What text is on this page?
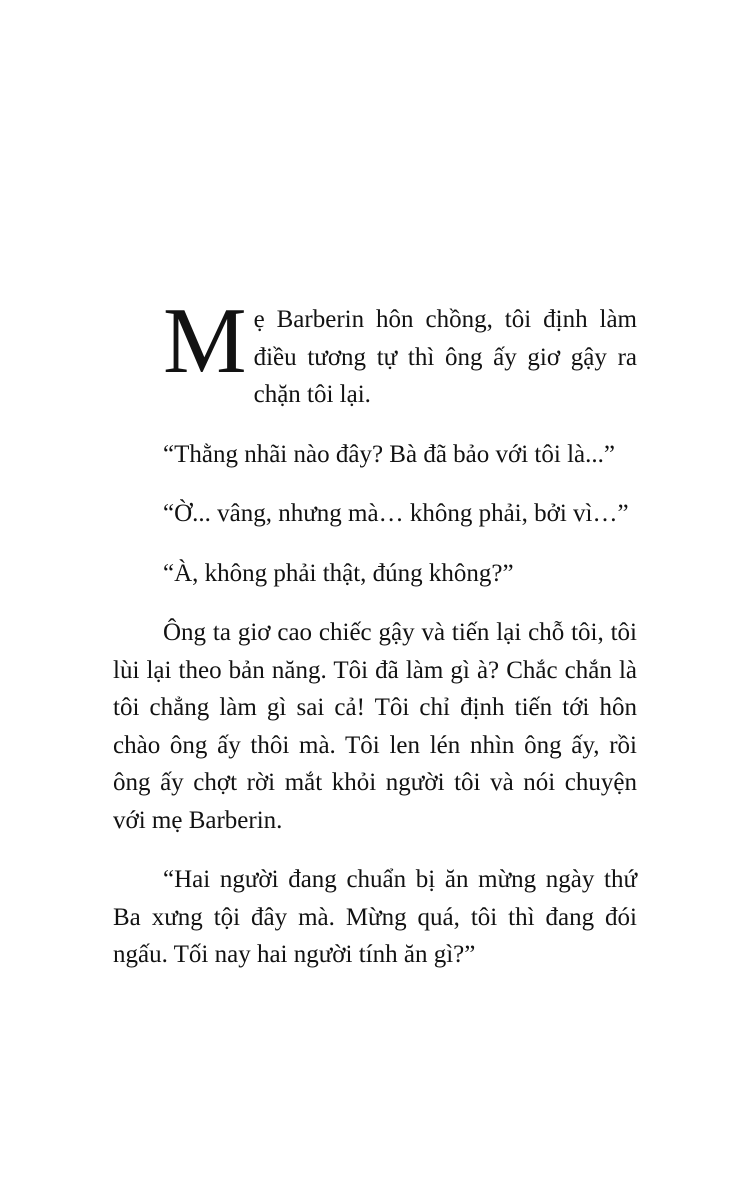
Mẹ Barberin hôn chồng, tôi định làm điều tương tự thì ông ấy giơ gậy ra chặn tôi lại.

“Thằng nhãi nào đây? Bà đã bảo với tôi là...”

“Ờ... vâng, nhưng mà… không phải, bởi vì…”

“À, không phải thật, đúng không?”

Ông ta giơ cao chiếc gậy và tiến lại chỗ tôi, tôi lùi lại theo bản năng. Tôi đã làm gì à? Chắc chắn là tôi chẳng làm gì sai cả! Tôi chỉ định tiến tới hôn chào ông ấy thôi mà. Tôi len lén nhìn ông ấy, rồi ông ấy chợt rời mắt khỏi người tôi và nói chuyện với mẹ Barberin.

“Hai người đang chuẩn bị ăn mừng ngày thứ Ba xưng tội đây mà. Mừng quá, tôi thì đang đói ngấu. Tối nay hai người tính ăn gì?”
